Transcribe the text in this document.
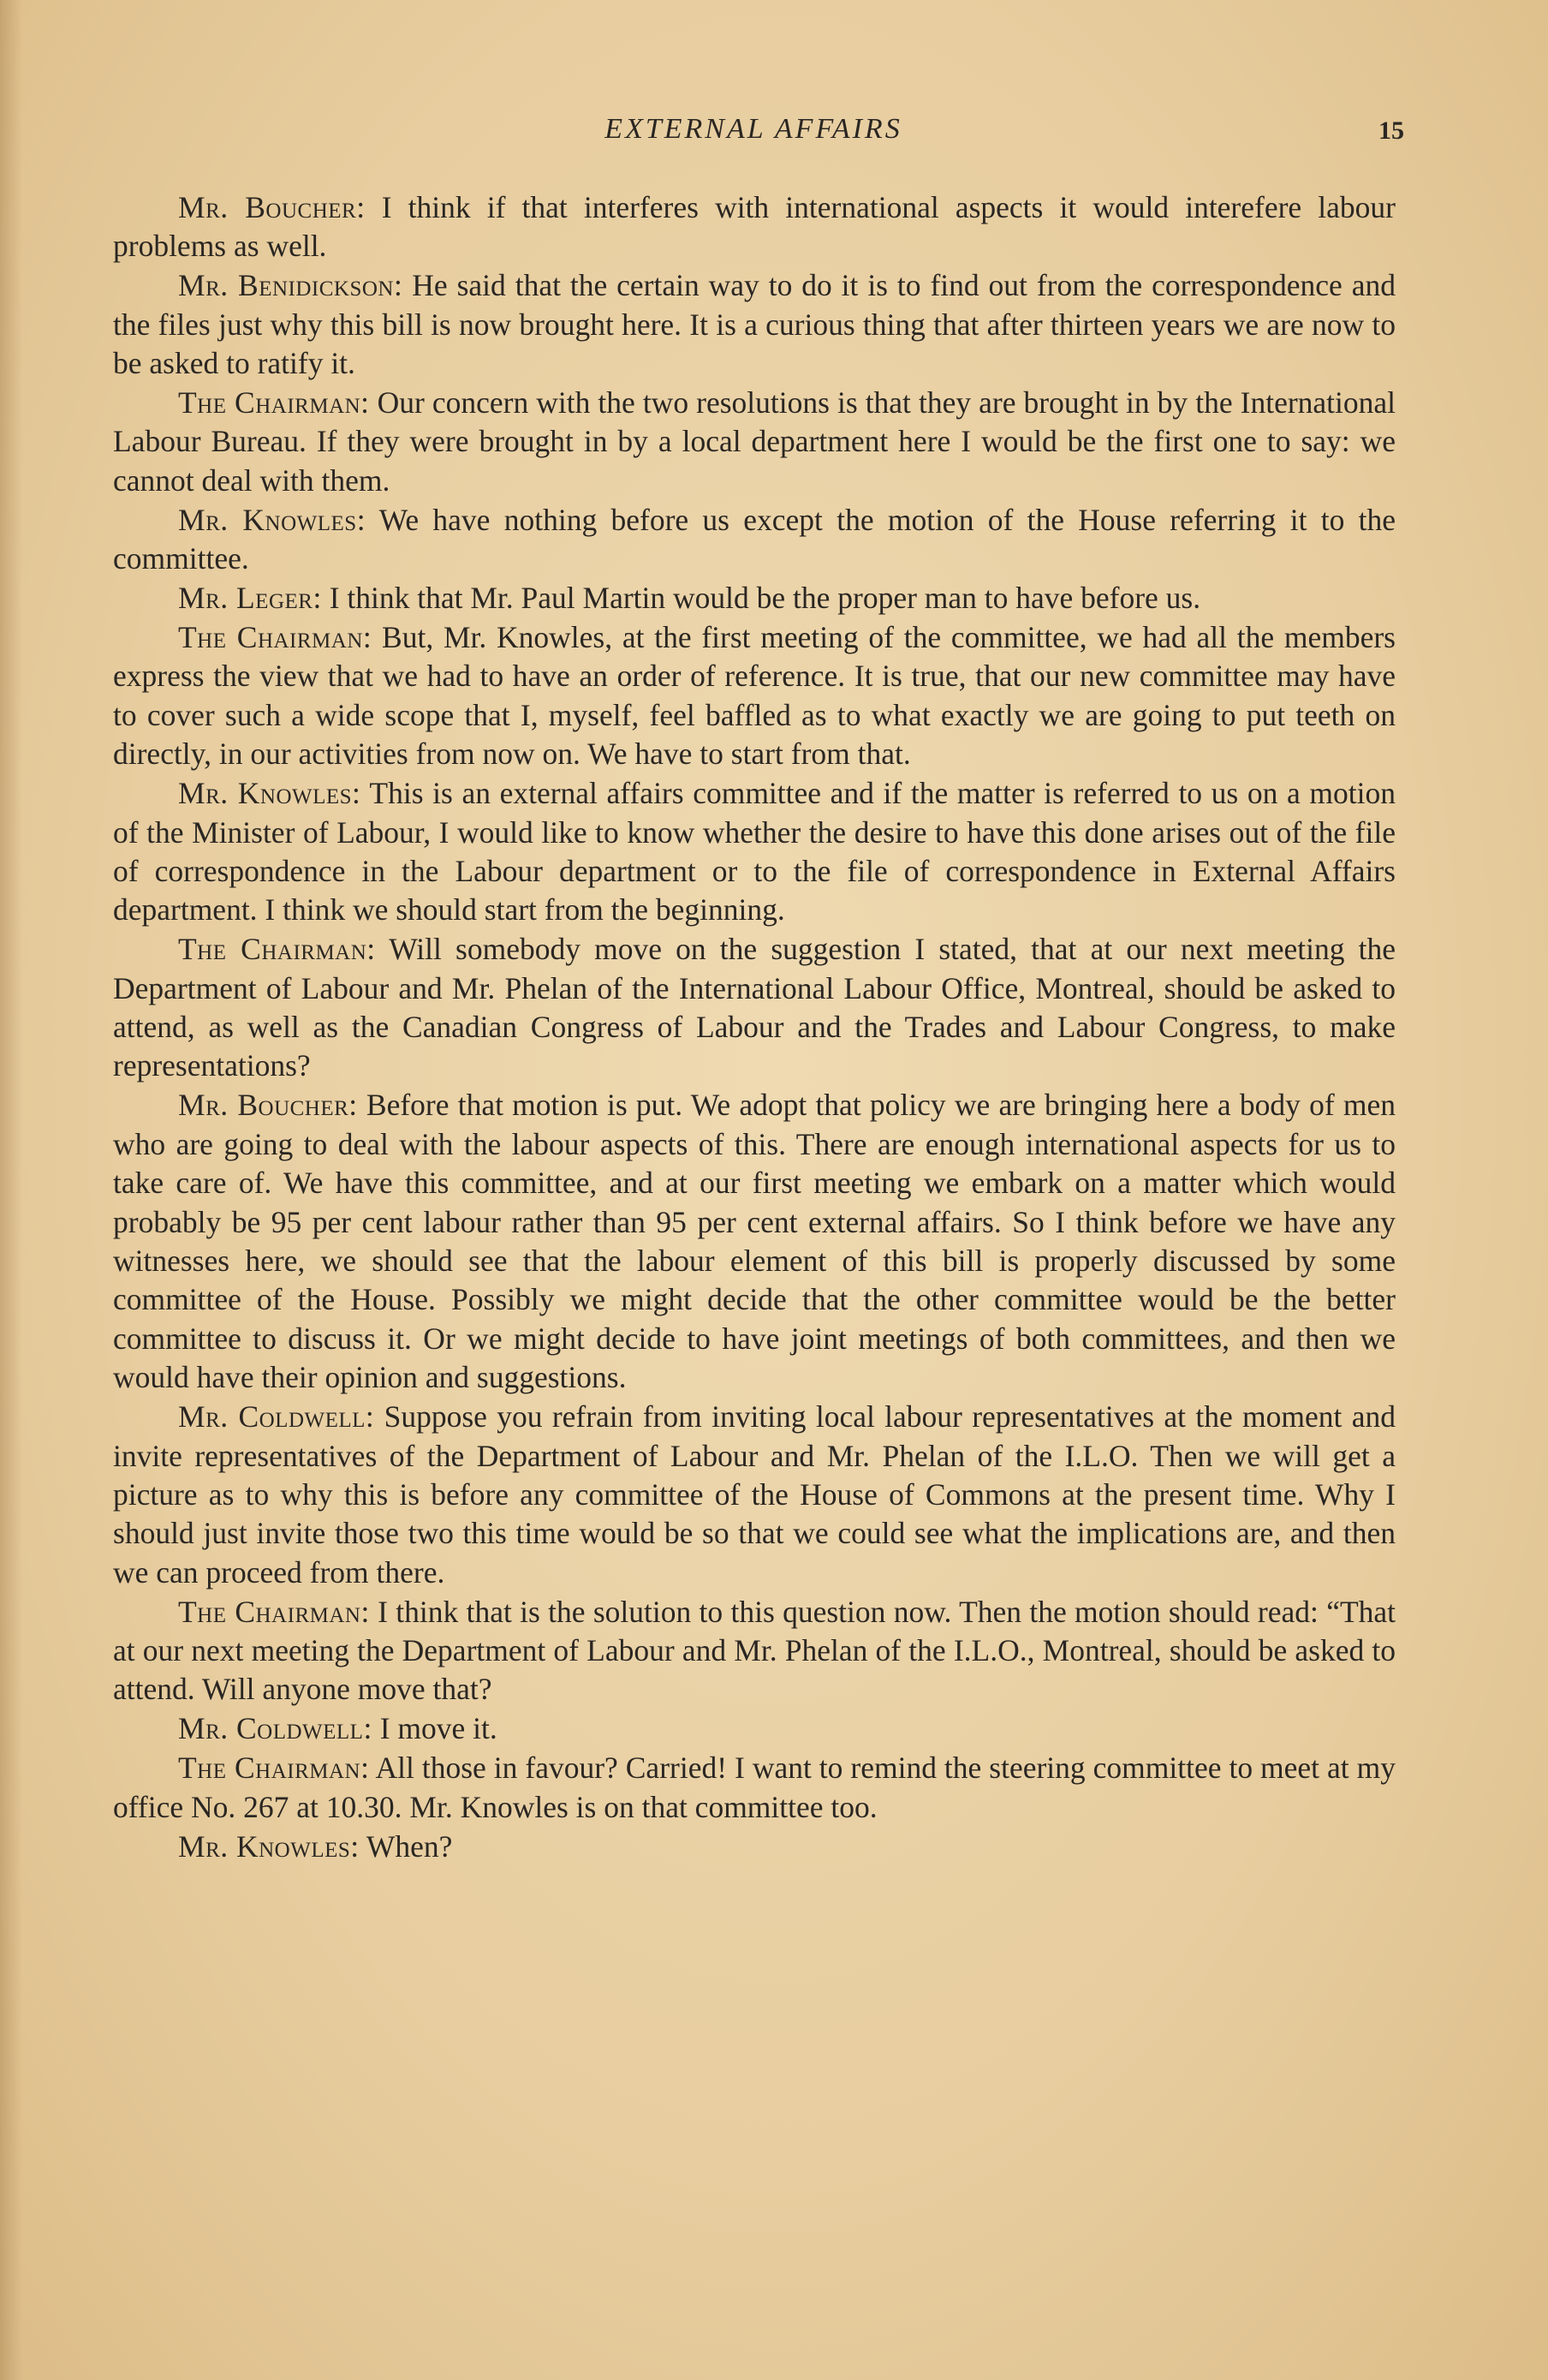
EXTERNAL AFFAIRS	15

Mr. Boucher: I think if that interferes with international aspects it would interefere labour problems as well.

Mr. Benidickson: He said that the certain way to do it is to find out from the correspondence and the files just why this bill is now brought here. It is a curious thing that after thirteen years we are now to be asked to ratify it.

The Chairman: Our concern with the two resolutions is that they are brought in by the International Labour Bureau. If they were brought in by a local department here I would be the first one to say: we cannot deal with them.

Mr. Knowles: We have nothing before us except the motion of the House referring it to the committee.

Mr. Leger: I think that Mr. Paul Martin would be the proper man to have before us.

The Chairman: But, Mr. Knowles, at the first meeting of the committee, we had all the members express the view that we had to have an order of reference. It is true, that our new committee may have to cover such a wide scope that I, myself, feel baffled as to what exactly we are going to put teeth on directly, in our activities from now on. We have to start from that.

Mr. Knowles: This is an external affairs committee and if the matter is referred to us on a motion of the Minister of Labour, I would like to know whether the desire to have this done arises out of the file of correspondence in the Labour department or to the file of correspondence in External Affairs department. I think we should start from the beginning.

The Chairman: Will somebody move on the suggestion I stated, that at our next meeting the Department of Labour and Mr. Phelan of the International Labour Office, Montreal, should be asked to attend, as well as the Canadian Congress of Labour and the Trades and Labour Congress, to make representations?

Mr. Boucher: Before that motion is put. We adopt that policy we are bringing here a body of men who are going to deal with the labour aspects of this. There are enough international aspects for us to take care of. We have this committee, and at our first meeting we embark on a matter which would probably be 95 per cent labour rather than 95 per cent external affairs. So I think before we have any witnesses here, we should see that the labour element of this bill is properly discussed by some committee of the House. Possibly we might decide that the other committee would be the better committee to discuss it. Or we might decide to have joint meetings of both committees, and then we would have their opinion and suggestions.

Mr. Coldwell: Suppose you refrain from inviting local labour representatives at the moment and invite representatives of the Department of Labour and Mr. Phelan of the I.L.O. Then we will get a picture as to why this is before any committee of the House of Commons at the present time. Why I should just invite those two this time would be so that we could see what the implications are, and then we can proceed from there.

The Chairman: I think that is the solution to this question now. Then the motion should read: “That at our next meeting the Department of Labour and Mr. Phelan of the I.L.O., Montreal, should be asked to attend. Will anyone move that?

Mr. Coldwell: I move it.

The Chairman: All those in favour? Carried! I want to remind the steering committee to meet at my office No. 267 at 10.30. Mr. Knowles is on that committee too.

Mr. Knowles: When?
